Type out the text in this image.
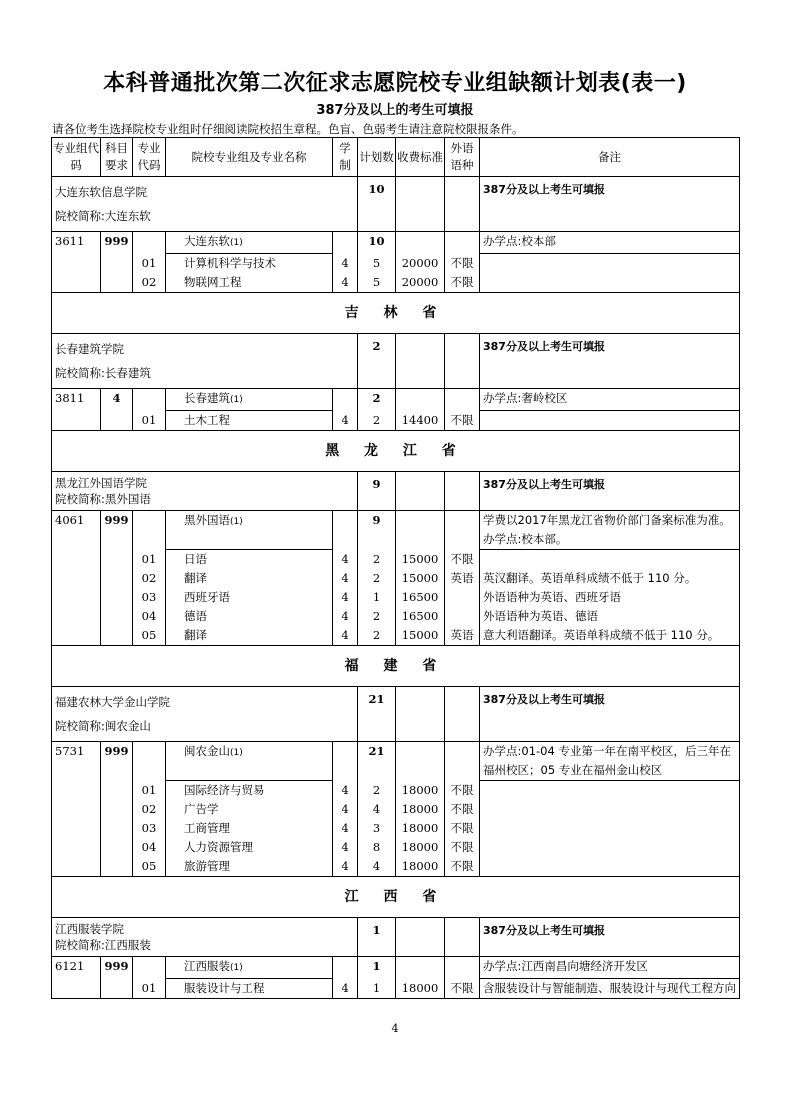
本科普通批次第二次征求志愿院校专业组缺额计划表(表一)
387分及以上的考生可填报
请各位考生选择院校专业组时仔细阅读院校招生章程。色盲、色弱考生请注意院校限报条件。
专业组代码	科目要求	专业代码	院校专业组及专业名称	学制	计划数	收费标准	外语语种	备注

大连东软信息学院
院校简称:大连东软					10			387分及以上考生可填报
3611	999		大连东软(1)		10			办学点:校本部
		01	计算机科学与技术	4	5	20000	不限	
		02	物联网工程	4	5	20000	不限	
吉 林 省								

长春建筑学院
院校简称:长春建筑					2			387分及以上考生可填报
3811	4		长春建筑(1)		2			办学点:奢岭校区
		01	土木工程	4	2	14400	不限	
黑 龙 江 省								

黑龙江外国语学院
院校简称:黑外国语					9			387分及以上考生可填报
4061	999		黑外国语(1)		9			学费以2017年黑龙江省物价部门备案标准为准。办学点:校本部。
		01	日语	4	2	15000	不限	
		02	翻译	4	2	15000	英语	英汉翻译。英语单科成绩不低于 110 分。
		03	西班牙语	4	1	16500		外语语种为英语、西班牙语
		04	德语	4	2	16500		外语语种为英语、德语
		05	翻译	4	2	15000	英语	意大利语翻译。英语单科成绩不低于 110 分。
福 建 省								

福建农林大学金山学院
院校简称:闽农金山					21			387分及以上考生可填报
5731	999		闽农金山(1)		21			办学点:01-04 专业第一年在南平校区，后三年在福州校区；05 专业在福州金山校区
		01	国际经济与贸易	4	2	18000	不限	
		02	广告学	4	4	18000	不限	
		03	工商管理	4	3	18000	不限	
		04	人力资源管理	4	8	18000	不限	
		05	旅游管理	4	4	18000	不限	
江 西 省								

江西服装学院
院校简称:江西服装					1			387分及以上考生可填报
6121	999		江西服装(1)		1			办学点:江西南昌向塘经济开发区
		01	服装设计与工程	4	1	18000	不限	含服装设计与智能制造、服装设计与现代工程方向
4
